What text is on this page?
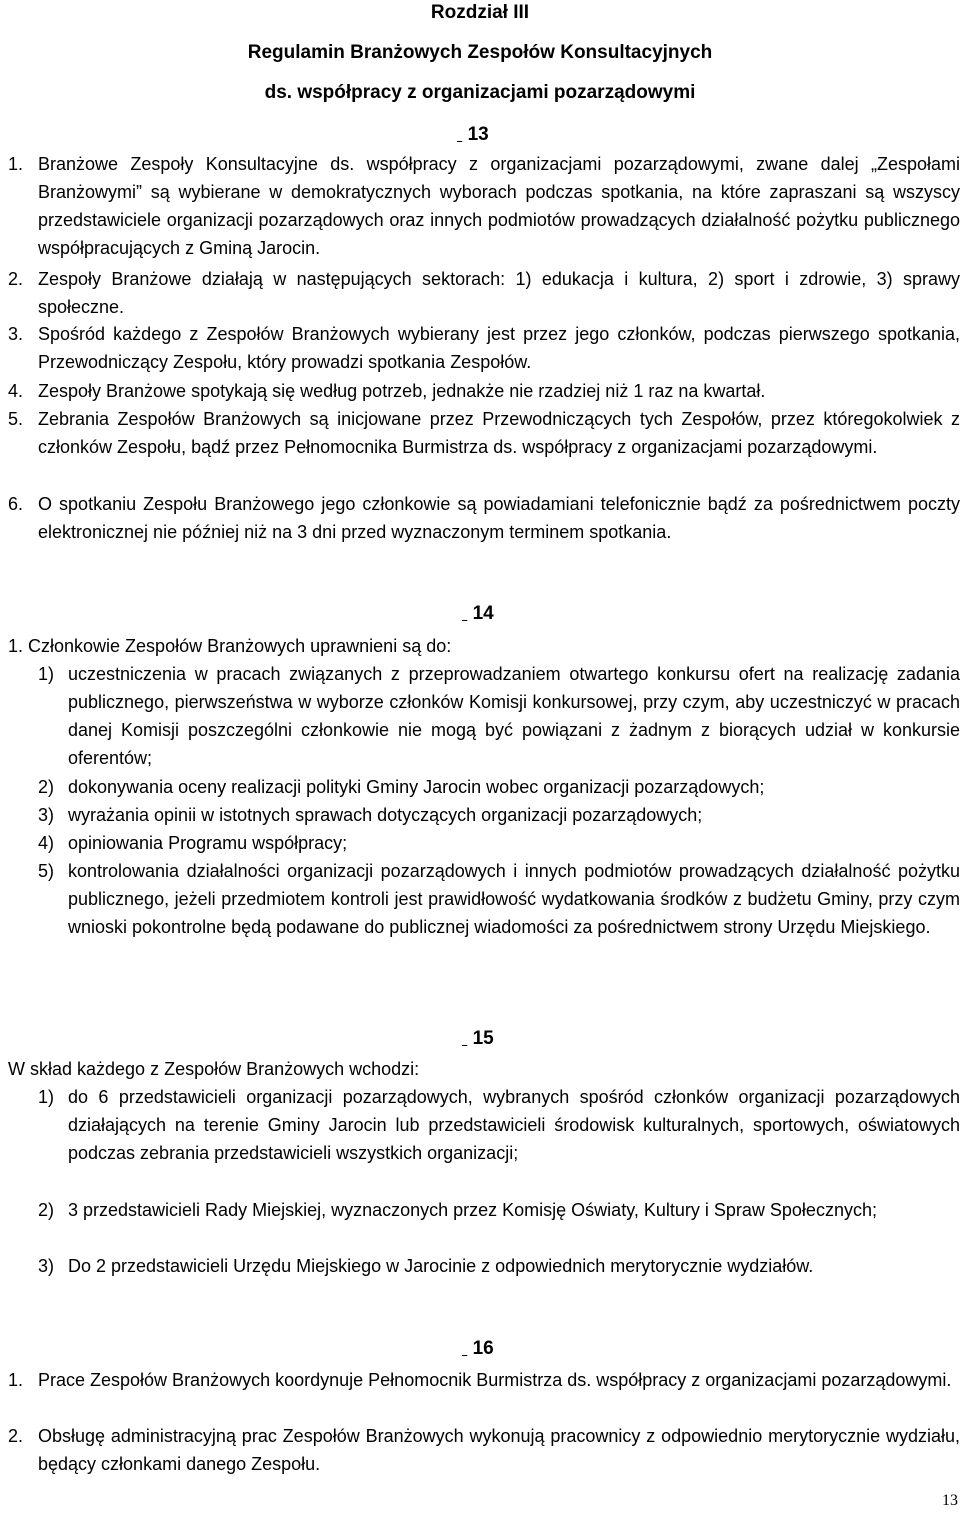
Rozdział III
Regulamin Branżowych Zespołów Konsultacyjnych
ds. współpracy z organizacjami pozarządowymi
13
1. Branżowe Zespoły Konsultacyjne ds. współpracy z organizacjami pozarządowymi, zwane dalej „Zespołami Branżowymi” są wybierane w demokratycznych wyborach podczas spotkania, na które zapraszani są wszyscy przedstawiciele organizacji pozarządowych oraz innych podmiotów prowadzących działalność pożytku publicznego współpracujących z Gminą Jarocin.
2. Zespoły Branżowe działają w następujących sektorach: 1) edukacja i kultura, 2) sport i zdrowie, 3) sprawy społeczne.
3. Spośród każdego z Zespołów Branżowych wybierany jest przez jego członków, podczas pierwszego spotkania, Przewodniczący Zespołu, który prowadzi spotkania Zespołów.
4. Zespoły Branżowe spotykają się według potrzeb, jednakże nie rzadziej niż 1 raz na kwartał.
5. Zebrania Zespołów Branżowych są inicjowane przez Przewodniczących tych Zespołów, przez któregokolwiek z członków Zespołu, bądź przez Pełnomocnika Burmistrza ds. współpracy z organizacjami pozarządowymi.
6. O spotkaniu Zespołu Branżowego jego członkowie są powiadamiani telefonicznie bądź za pośrednictwem poczty elektronicznej nie później niż na 3 dni przed wyznaczonym terminem spotkania.
14
1. Członkowie Zespołów Branżowych uprawnieni są do:
1) uczestniczenia w pracach związanych z przeprowadzaniem otwartego konkursu ofert na realizację zadania publicznego, pierwszeństwa w wyborze członków Komisji konkursowej, przy czym, aby uczestniczyć w pracach danej Komisji poszczególni członkowie nie mogą być powiązani z żadnym z biorących udział w konkursie oferentów;
2) dokonywania oceny realizacji polityki Gminy Jarocin wobec organizacji pozarządowych;
3) wyrażania opinii w istotnych sprawach dotyczących organizacji pozarządowych;
4) opiniowania Programu współpracy;
5) kontrolowania działalności organizacji pozarządowych i innych podmiotów prowadzących działalność pożytku publicznego, jeżeli przedmiotem kontroli jest prawidłowość wydatkowania środków z budżetu Gminy, przy czym wnioski pokontrolne będą podawane do publicznej wiadomości za pośrednictwem strony Urzędu Miejskiego.
15
W skład każdego z Zespołów Branżowych wchodzi:
1) do 6 przedstawicieli organizacji pozarządowych, wybranych spośród członków organizacji pozarządowych działających na terenie Gminy Jarocin lub przedstawicieli środowisk kulturalnych, sportowych, oświatowych podczas zebrania przedstawicieli wszystkich organizacji;
2) 3 przedstawicieli Rady Miejskiej, wyznaczonych przez Komisję Oświaty, Kultury i Spraw Społecznych;
3) Do 2 przedstawicieli Urzędu Miejskiego w Jarocinie z odpowiednich merytorycznie wydziałów.
16
1. Prace Zespołów Branżowych koordynuje Pełnomocnik Burmistrza ds. współpracy z organizacjami pozarządowymi.
2. Obsługę administracyjną prac Zespołów Branżowych wykonują pracownicy z odpowiednio merytorycznie wydziału, będący członkami danego Zespołu.
13
